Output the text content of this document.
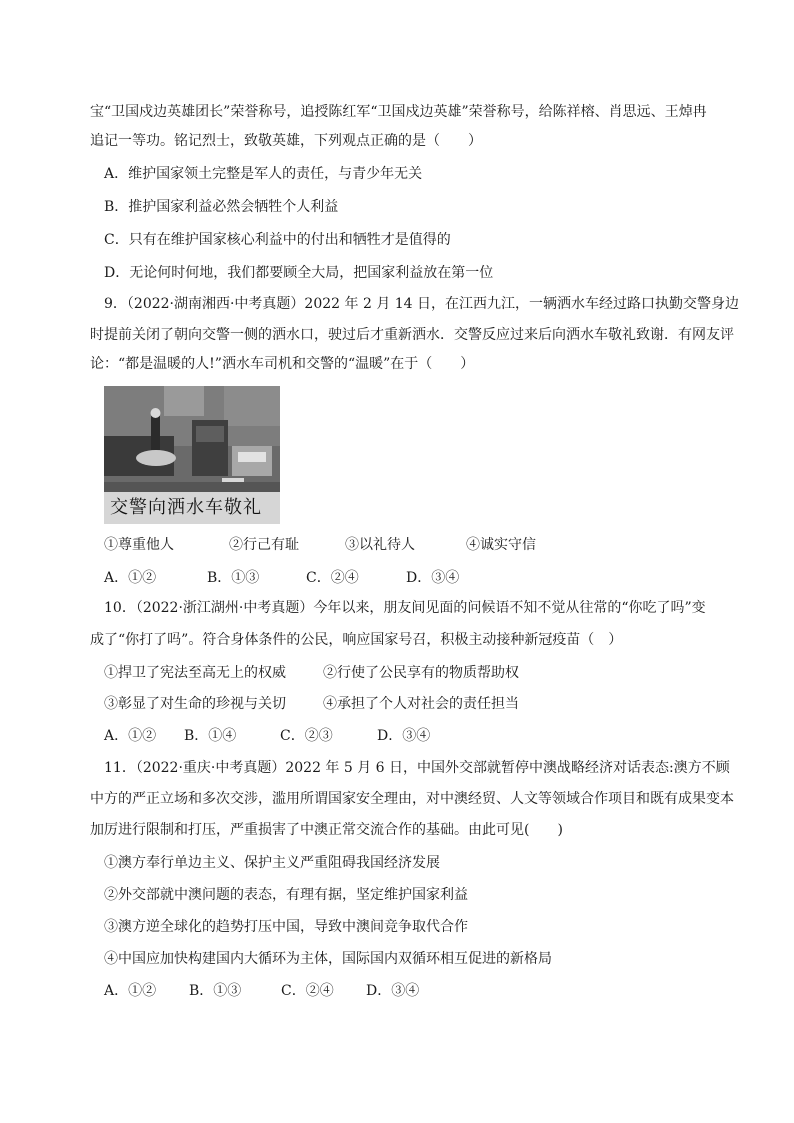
宝“卫国戍边英雄团长”荣誉称号，追授陈红军“卫国戍边英雄”荣誉称号，给陈祥榕、肖思远、王焯冉
追记一等功。铭记烈士，致敬英雄，下列观点正确的是（　　）
A．维护国家领土完整是军人的责任，与青少年无关
B．推护国家利益必然会牺牲个人利益
C．只有在维护国家核心利益中的付出和牺牲才是值得的
D．无论何时何地，我们都要顾全大局，把国家利益放在第一位
9．（2022·湖南湘西·中考真题）2022 年 2 月 14 日，在江西九江，一辆洒水车经过路口执勤交警身边
时提前关闭了朝向交警一侧的洒水口，驶过后才重新洒水．交警反应过来后向洒水车敬礼致谢．有网友评
论：“都是温暖的人!”洒水车司机和交警的“温暖”在于（　　）
交警向洒水车敬礼
①尊重他人	②行己有耻	③以礼待人	④诚实守信
A．①②	B．①③	C．②④	D．③④
10．（2022·浙江湖州·中考真题）今年以来，朋友间见面的问候语不知不觉从往常的“你吃了吗”变
成了“你打了吗”。符合身体条件的公民，响应国家号召，积极主动接种新冠疫苗（　）
①捍卫了宪法至高无上的权威	②行使了公民享有的物质帮助权
③彰显了对生命的珍视与关切	④承担了个人对社会的责任担当
A．①② B．①④	C．②③	D．③④
11．（2022·重庆·中考真题）2022 年 5 月 6 日，中国外交部就暂停中澳战略经济对话表态:澳方不顾
中方的严正立场和多次交涉，滥用所谓国家安全理由，对中澳经贸、人文等领域合作项目和既有成果变本
加厉进行限制和打压，严重损害了中澳正常交流合作的基础。由此可见(　　)
①澳方奉行单边主义、保护主义严重阻碍我国经济发展
②外交部就中澳问题的表态，有理有据，坚定维护国家利益
③澳方逆全球化的趋势打压中国，导致中澳间竞争取代合作
④中国应加快构建国内大循环为主体，国际国内双循环相互促进的新格局
A．①② B．①③	C．②④ D．③④
